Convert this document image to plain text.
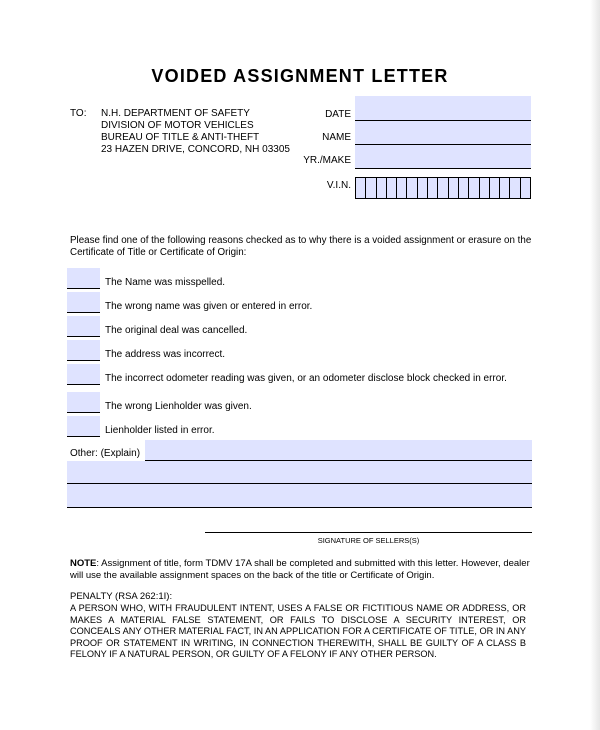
VOIDED ASSIGNMENT LETTER
TO: N.H. DEPARTMENT OF SAFETY
DIVISION OF MOTOR VEHICLES
BUREAU OF TITLE & ANTI-THEFT
23 HAZEN DRIVE, CONCORD, NH 03305
DATE
NAME
YR./MAKE
V.I.N.
Please find one of the following reasons checked as to why there is a voided assignment or erasure on the Certificate of Title or Certificate of Origin:
The Name was misspelled.
The wrong name was given or entered in error.
The original deal was cancelled.
The address was incorrect.
The incorrect odometer reading was given, or an odometer disclose block checked in error.
The wrong Lienholder was given.
Lienholder listed in error.
Other: (Explain)
SIGNATURE OF SELLERS(S)
NOTE: Assignment of title, form TDMV 17A shall be completed and submitted with this letter. However, dealer will use the available assignment spaces on the back of the title or Certificate of Origin.
PENALTY (RSA 262:1I):
A PERSON WHO, WITH FRAUDULENT INTENT, USES A FALSE OR FICTITIOUS NAME OR ADDRESS, OR MAKES A MATERIAL FALSE STATEMENT, OR FAILS TO DISCLOSE A SECURITY INTEREST, OR CONCEALS ANY OTHER MATERIAL FACT, IN AN APPLICATION FOR A CERTIFICATE OF TITLE, OR IN ANY PROOF OR STATEMENT IN WRITING, IN CONNECTION THEREWITH, SHALL BE GUILTY OF A CLASS B FELONY IF A NATURAL PERSON, OR GUILTY OF A FELONY IF ANY OTHER PERSON.
